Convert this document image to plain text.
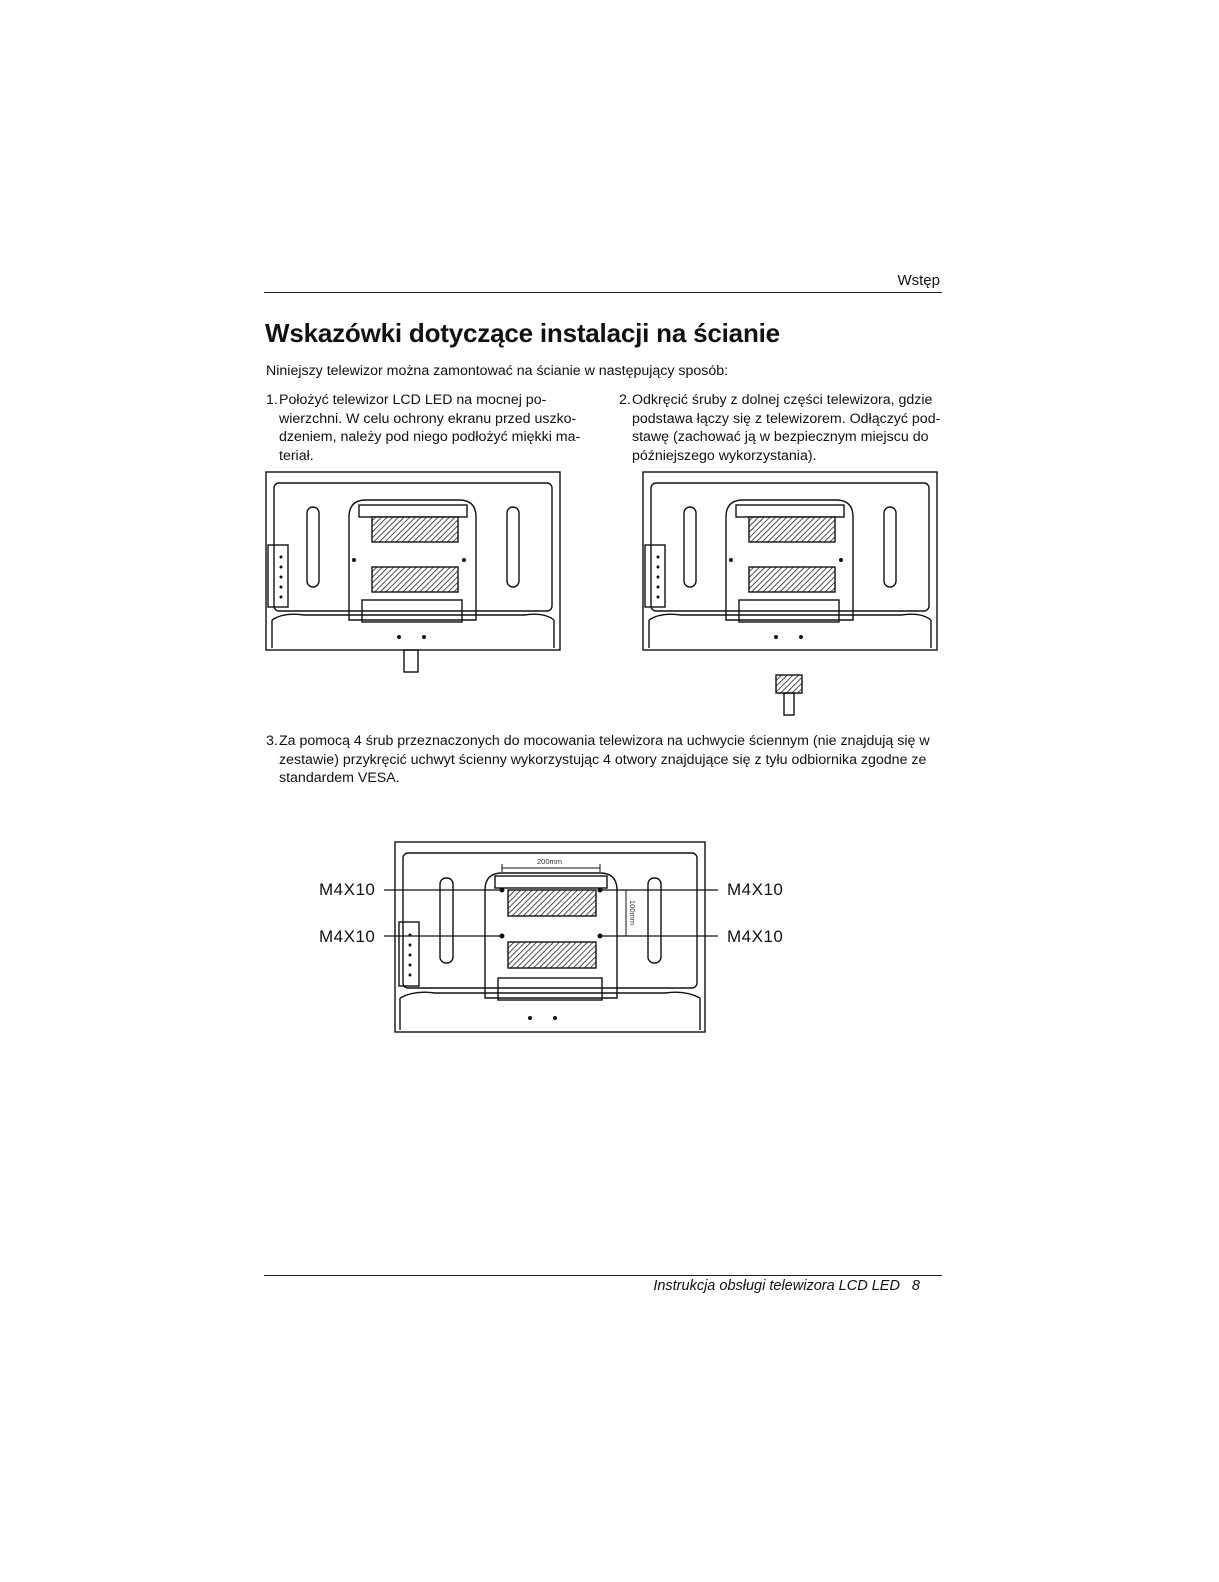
Wstęp
Wskazówki dotyczące instalacji na ścianie
Niniejszy telewizor można zamontować na ścianie w następujący sposób:
1. Położyć telewizor LCD LED na mocnej po-
wierzchni. W celu ochrony ekranu przed uszko-
dzeniem, należy pod niego podłożyć miękki ma-
teriał.
2. Odkręcić śruby z dolnej części telewizora, gdzie
podstawa łączy się z telewizorem. Odłączyć pod-
stawę (zachować ją w bezpiecznym miejscu do
późniejszego wykorzystania).
3. Za pomocą 4 śrub przeznaczonych do mocowania telewizora na uchwycie ściennym (nie znajdują się w
zestawie) przykręcić uchwyt ścienny wykorzystując 4 otwory znajdujące się z tyłu odbiornika zgodne ze
standardem VESA.
200mm
100mm
M4X10
M4X10
M4X10
M4X10
Instrukcja obsługi telewizora LCD LED 8
